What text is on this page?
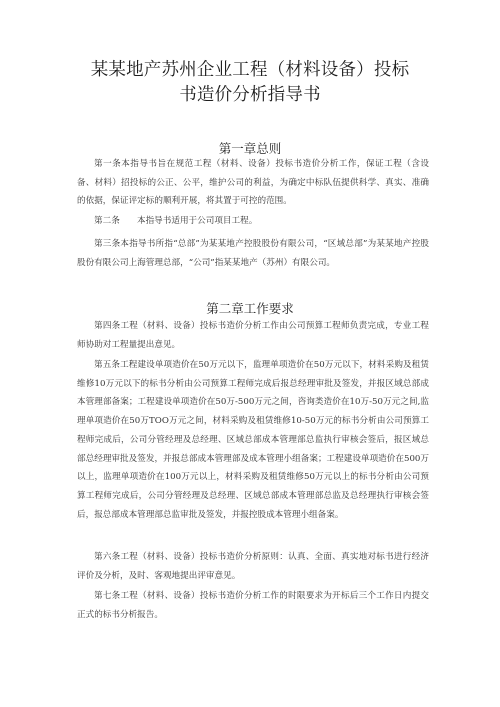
某某地产苏州企业工程（材料设备）投标
书造价分析指导书
第一章总则
第一条本指导书旨在规范工程（材料、设备）投标书造价分析工作，保证工程（含设备、材料）招投标的公正、公平，维护公司的利益，为确定中标队伍提供科学、真实、准确的依据，保证评定标的顺利开展，将其置于可控的范围。
第二条　　本指导书适用于公司项目工程。
第三条本指导书所指“总部”为某某地产控股股份有限公司，“区域总部”为某某地产控股股份有限公司上海管理总部，“公司”指某某地产（苏州）有限公司。
第二章工作要求
第四条工程（材料、设备）投标书造价分析工作由公司预算工程师负责完成，专业工程师协助对工程量提出意见。
第五条工程建设单项造价在50万元以下，监理单项造价在50万元以下，材料采购及租赁维修10万元以下的标书分析由公司预算工程师完成后报总经理审批及签发，并报区域总部成本管理部备案；工程建设单项造价在50万-500万元之间，咨询类造价在10万-50万元之间,监理单项造价在50万TOO万元之间，材料采购及租赁维修10-50万元的标书分析由公司预算工程师完成后，公司分管经理及总经理、区域总部成本管理部总监执行审核会签后，报区域总部总经理审批及签发，并报总部成本管理部及成本管理小组备案；工程建设单项造价在500万以上，监理单项造价在100万元以上，材料采购及租赁维修50万元以上的标书分析由公司预算工程师完成后，公司分管经理及总经理、区域总部成本管理部总监及总经理执行审核会签后，报总部成本管理部总监审批及签发，并报控股成本管理小组备案。
第六条工程（材料、设备）投标书造价分析原则：认真、全面、真实地对标书进行经济评价及分析，及时、客观地提出评审意见。
第七条工程（材料、设备）投标书造价分析工作的时限要求为开标后三个工作日内提交正式的标书分析报告。
